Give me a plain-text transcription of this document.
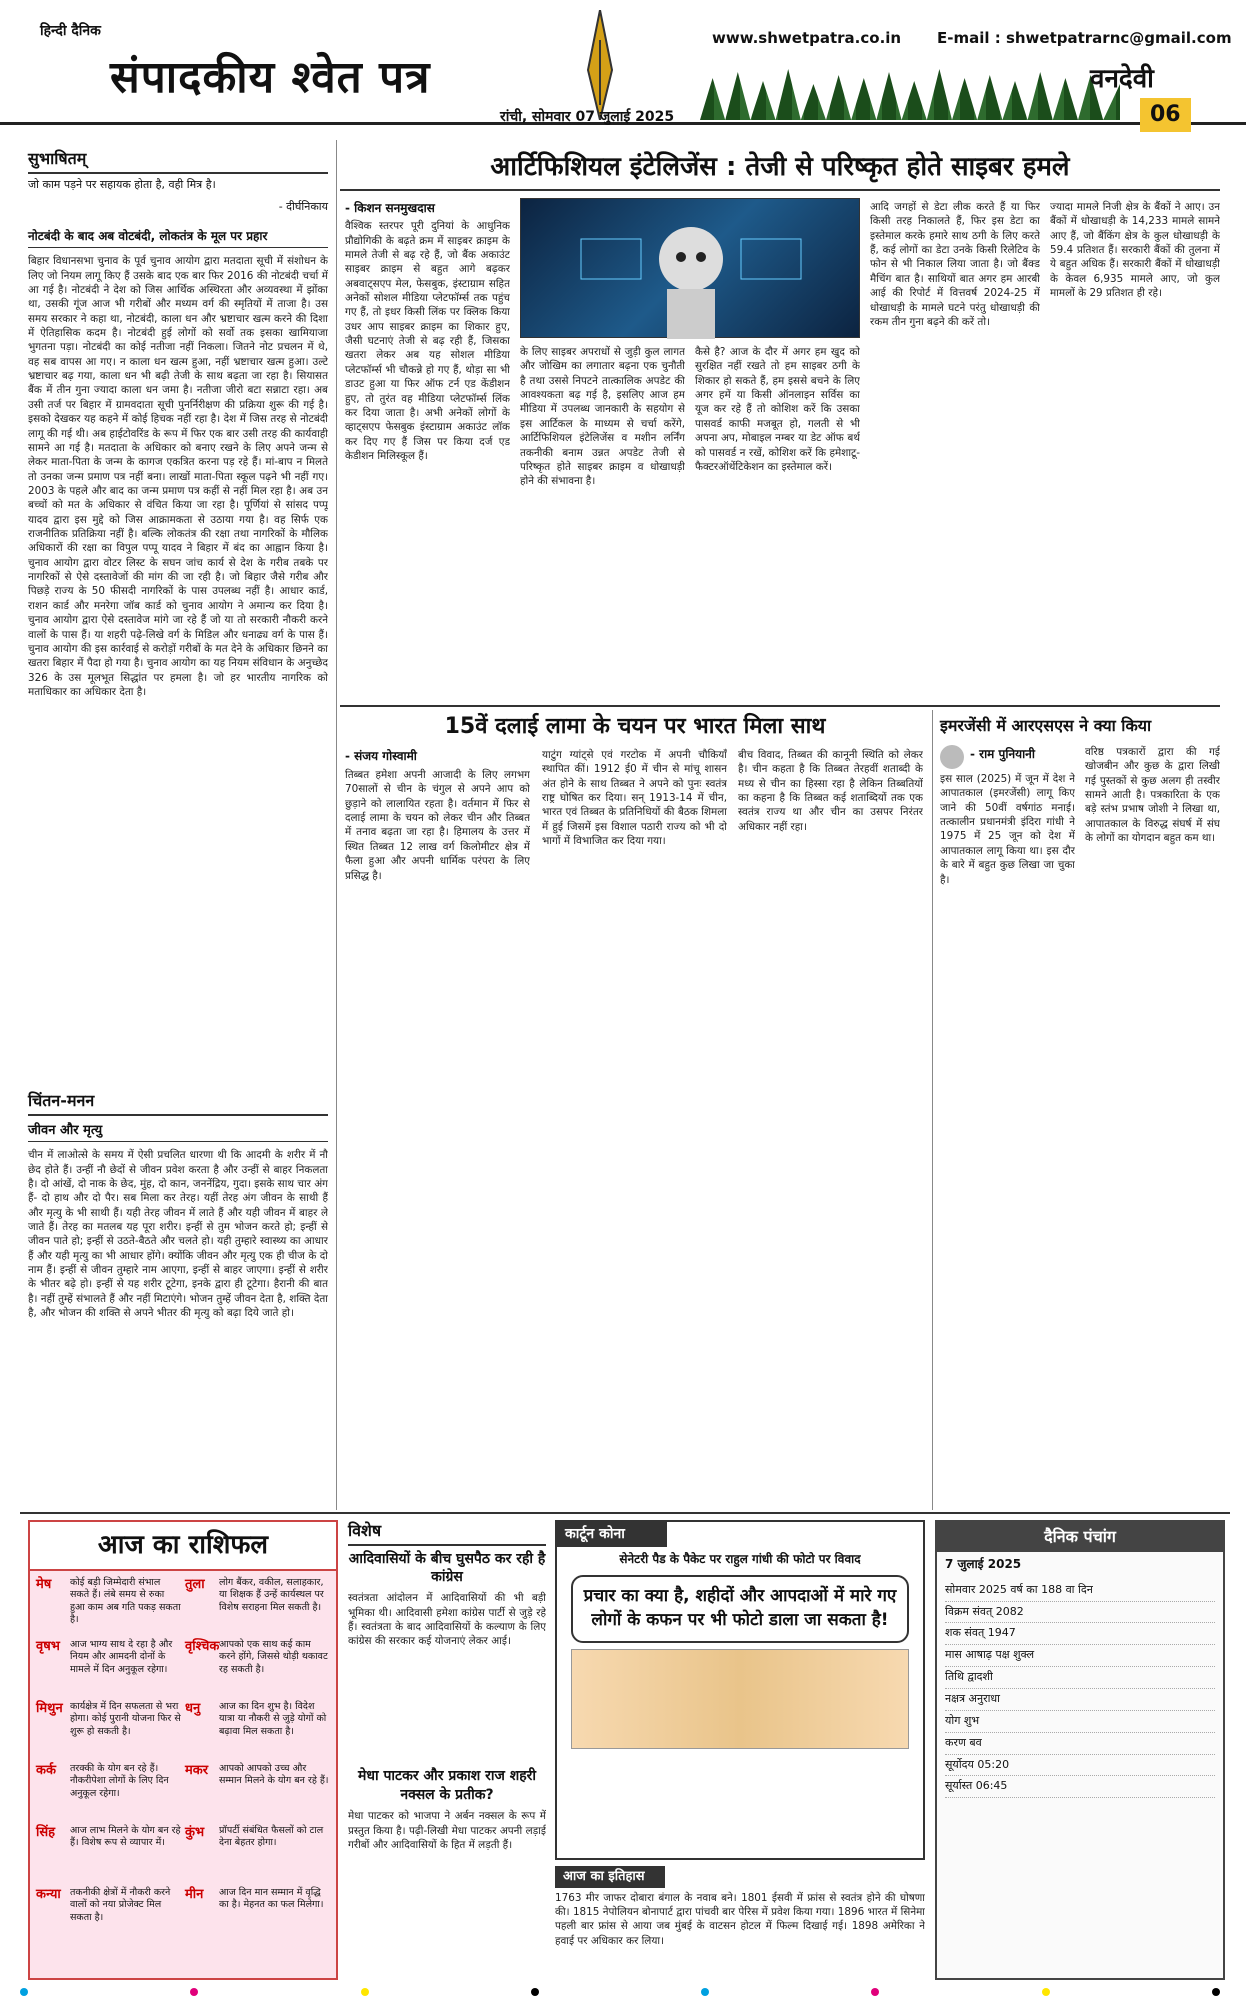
हिन्दी दैनिक
संपादकीय श्वेत पत्र
रांची, सोमवार 07 जुलाई 2025
www.shwetpatra.co.in E-mail : shwetpatrarnc@gmail.com
वनदेवी
06
सुभाषितम्
जो काम पड़ने पर सहायक होता है, वही मित्र है।
- दीर्घनिकाय
नोटबंदी के बाद अब वोटबंदी, लोकतंत्र के मूल पर प्रहार
बिहार विधानसभा चुनाव के पूर्व चुनाव आयोग द्वारा मतदाता सूची में संशोधन के लिए जो नियम लागू किए हैं उसके बाद एक बार फिर 2016 की नोटबंदी चर्चा में आ गई है। नोटबंदी ने देश को जिस आर्थिक अस्थिरता और अव्यवस्था में झोंका था, उसकी गूंज आज भी गरीबों और मध्यम वर्ग की स्मृतियों में ताजा है। उस समय सरकार ने कहा था, नोटबंदी, काला धन और भ्रष्टाचार खत्म करने की दिशा में ऐतिहासिक कदम है। नोटबंदी हुई लोगों को सर्वो तक इसका खामियाजा भुगतना पड़ा। नोटबंदी का कोई नतीजा नहीं निकला। जितने नोट प्रचलन में थे, वह सब वापस आ गए। न काला धन खत्म हुआ, नहीं भ्रष्टाचार खत्म हुआ। उल्टे भ्रष्टाचार बढ़ गया, काला धन भी बढ़ी तेजी के साथ बढ़ता जा रहा है। सियासत बैंक में तीन गुना ज्यादा काला धन जमा है। नतीजा जीरो बटा सन्नाटा रहा। अब उसी तर्ज पर बिहार में ग्रामवदाता सूची पुनर्निरीक्षण की प्रक्रिया शुरू की गई है। इसको देखकर यह कहने में कोई हिचक नहीं रहा है। देश में जिस तरह से नोटबंदी लागू की गई थी। अब हाईटोवरिंड के रूप में फिर एक बार उसी तरह की कार्यवाही सामने आ गई है। मतदाता के अधिकार को बनाए रखने के लिए अपने जन्म से लेकर माता-पिता के जन्म के कागज एकत्रित करना पड़ रहे हैं। मां-बाप न मिलते तो उनका जन्म प्रमाण पत्र नहीं बना। लाखों माता-पिता स्कूल पढ़ने भी नहीं गए। 2003 के पहले और बाद का जन्म प्रमाण पत्र कहीं से नहीं मिल रहा है। अब उन बच्चों को मत के अधिकार से वंचित किया जा रहा है। पूर्णियां से सांसद पप्पू यादव द्वारा इस मुद्दे को जिस आक्रामकता से उठाया गया है। वह सिर्फ एक राजनीतिक प्रतिक्रिया नहीं है। बल्कि लोकतंत्र की रक्षा तथा नागरिकों के मौलिक अधिकारों की रक्षा का विपुल पप्पू यादव ने बिहार में बंद का आह्वान किया है। चुनाव आयोग द्वारा वोटर लिस्ट के सघन जांच कार्य से देश के गरीब तबके पर नागरिकों से ऐसे दस्तावेजों की मांग की जा रही है। जो बिहार जैसे गरीब और पिछड़े राज्य के 50 फीसदी नागरिकों के पास उपलब्ध नहीं है। आधार कार्ड, राशन कार्ड और मनरेगा जॉब कार्ड को चुनाव आयोग ने अमान्य कर दिया है। चुनाव आयोग द्वारा ऐसे दस्तावेज मांगे जा रहे हैं जो या तो सरकारी नौकरी करने वालों के पास हैं। या शहरी पढ़े-लिखे वर्ग के मिडिल और धनाढ्य वर्ग के पास हैं। चुनाव आयोग की इस कार्रवाई से करोड़ों गरीबों के मत देने के अधिकार छिनने का खतरा बिहार में पैदा हो गया है। चुनाव आयोग का यह नियम संविधान के अनुच्छेद 326 के उस मूलभूत सिद्धांत पर हमला है। जो हर भारतीय नागरिक को मताधिकार का अधिकार देता है।
चिंतन-मनन
जीवन और मृत्यु
चीन में लाओत्से के समय में ऐसी प्रचलित धारणा थी कि आदमी के शरीर में नौ छेद होते हैं। उन्हीं नौ छेदों से जीवन प्रवेश करता है और उन्हीं से बाहर निकलता है। दो आंखें, दो नाक के छेद, मुंह, दो कान, जननेंद्रिय, गुदा। इसके साथ चार अंग हैं- दो हाथ और दो पैर। सब मिला कर तेरह। यहीं तेरह अंग जीवन के साथी हैं और मृत्यु के भी साथी हैं। यही तेरह जीवन में लाते हैं और यही जीवन में बाहर ले जाते हैं। तेरह का मतलब यह पूरा शरीर। इन्हीं से तुम भोजन करते हो; इन्हीं से जीवन पाते हो; इन्हीं से उठते-बैठते और चलते हो। यही तुम्हारे स्वास्थ्य का आधार हैं और यही मृत्यु का भी आधार होंगे। क्योंकि जीवन और मृत्यु एक ही चीज के दो नाम हैं। इन्हीं से जीवन तुम्हारे नाम आएगा, इन्हीं से बाहर जाएगा। इन्हीं से शरीर के भीतर बढ़े हो। इन्हीं से यह शरीर टूटेगा, इनके द्वारा ही टूटेगा। हैरानी की बात है। नहीं तुम्हें संभालते हैं और नहीं मिटाएंगे। भोजन तुम्हें जीवन देता है, शक्ति देता है, और भोजन की शक्ति से अपने भीतर की मृत्यु को बढ़ा दिये जाते हो।
आर्टिफिशियल इंटेलिजेंस : तेजी से परिष्कृत होते साइबर हमले
- किशन सनमुखदास
वैश्विक स्तरपर पूरी दुनियां के आधुनिक प्रौद्योगिकी के बढ़ते क्रम में साइबर क्राइम के मामले तेजी से बढ़ रहे हैं, जो बैंक अकाउंट साइबर क्राइम से बहुत आगे बढ़कर अबवाट्सएप मेल, फेसबुक, इंस्टाग्राम सहित अनेकों सोशल मीडिया प्लेटफॉर्म्स तक पहुंच गए हैं, तो इधर किसी लिंक पर क्लिक किया उधर आप साइबर क्राइम का शिकार हुए, जैसी घटनाएं तेजी से बढ़ रही हैं, जिसका खतरा लेकर अब यह सोशल मीडिया प्लेटफॉर्म्स भी चौकन्ने हो गए हैं, थोड़ा सा भी डाउट हुआ या फिर ऑफ टर्न एड केंडीशन हुए, तो तुरंत वह मीडिया प्लेटफॉर्म्स लिंक कर दिया जाता है। अभी अनेकों लोगों के व्हाट्सएप फेसबुक इंस्टाग्राम अकाउंट लॉक कर दिए गए हैं जिस पर किया दर्ज एड केडीशन मिलिस्कूल हैं।
के लिए साइबर अपराधों से जुड़ी कुल लागत और जोखिम का लगातार बढ़ना एक चुनौती है तथा उससे निपटने तात्कालिक अपडेट की आवश्यकता बढ़ गई है, इसलिए आज हम मीडिया में उपलब्ध जानकारी के सहयोग से इस आर्टिकल के माध्यम से चर्चा करेंगे, आर्टिफिशियल इंटेलिजेंस व मशीन लर्निंग तकनीकी बनाम उन्नत अपडेट तेजी से परिष्कृत होते साइबर क्राइम व धोखाधड़ी होने की संभावना है।
कैसे है? आज के दौर में अगर हम खुद को सुरक्षित नहीं रखते तो हम साइबर ठगी के शिकार हो सकते हैं, हम इससे बचने के लिए अगर हमें या किसी ऑनलाइन सर्विस का यूज कर रहे हैं तो कोशिश करें कि उसका पासवर्ड काफी मजबूत हो, गलती से भी अपना अप, मोबाइल नम्बर या डेट ऑफ बर्थ को पासवर्ड न रखें, कोशिश करें कि हमेशाटू-फैक्टरऑथेंटिकेशन का इस्तेमाल करें।
आदि जगहों से डेटा लीक करते हैं या फिर किसी तरह निकालते हैं, फिर इस डेटा का इस्तेमाल करके हमारे साथ ठगी के लिए करते हैं, कई लोगों का डेटा उनके किसी रिलेटिव के फोन से भी निकाल लिया जाता है। जो बैंक्ड मैचिंग बात है। साथियों बात अगर हम आरबी आई की रिपोर्ट में वित्तवर्ष 2024-25 में धोखाधड़ी के मामले घटने परंतु धोखाधड़ी की रकम तीन गुना बढ़ने की करें तो।
ज्यादा मामले निजी क्षेत्र के बैंकों ने आए। उन बैंकों में धोखाधड़ी के 14,233 मामले सामने आए हैं, जो बैंकिंग क्षेत्र के कुल धोखाधड़ी के 59.4 प्रतिशत हैं। सरकारी बैंकों की तुलना में ये बहुत अधिक हैं। सरकारी बैंकों में धोखाधड़ी के केवल 6,935 मामले आए, जो कुल मामलों के 29 प्रतिशत ही रहे।
15वें दलाई लामा के चयन पर भारत मिला साथ
- संजय गोस्वामी
तिब्बत हमेशा अपनी आजादी के लिए लगभग 70सालों से चीन के चंगुल से अपने आप को छुड़ाने को लालायित रहता है। वर्तमान में फिर से दलाई लामा के चयन को लेकर चीन और तिब्बत में तनाव बढ़ता जा रहा है। हिमालय के उत्तर में स्थित तिब्बत 12 लाख वर्ग किलोमीटर क्षेत्र में फैला हुआ और अपनी धार्मिक परंपरा के लिए प्रसिद्ध है।
याटुंग ग्यांट्से एवं गरटोक में अपनी चौकियाँ स्थापित कीं। 1912 ई0 में चीन से मांचू शासन अंत होने के साथ तिब्बत ने अपने को पुनः स्वतंत्र राष्ट्र घोषित कर दिया। सन् 1913-14 में चीन, भारत एवं तिब्बत के प्रतिनिधियों की बैठक शिमला में हुई जिसमें इस विशाल पठारी राज्य को भी दो भागों में विभाजित कर दिया गया।
बीच विवाद, तिब्बत की कानूनी स्थिति को लेकर है। चीन कहता है कि तिब्बत तेरहवीं शताब्दी के मध्य से चीन का हिस्सा रहा है लेकिन तिब्बतियों का कहना है कि तिब्बत कई शताब्दियों तक एक स्वतंत्र राज्य था और चीन का उसपर निरंतर अधिकार नहीं रहा।
इमरजेंसी में आरएसएस ने क्या किया
- राम पुनियानी
इस साल (2025) में जून में देश ने आपातकाल (इमरजेंसी) लागू किए जाने की 50वीं वर्षगांठ मनाई। तत्कालीन प्रधानमंत्री इंदिरा गांधी ने 1975 में 25 जून को देश में आपातकाल लागू किया था। इस दौर के बारे में बहुत कुछ लिखा जा चुका है।
वरिष्ठ पत्रकारों द्वारा की गई खोजबीन और कुछ के द्वारा लिखी गई पुस्तकों से कुछ अलग ही तस्वीर सामने आती है। पत्रकारिता के एक बड़े स्तंभ प्रभाष जोशी ने लिखा था, आपातकाल के विरुद्ध संघर्ष में संघ के लोगों का योगदान बहुत कम था।
आज का राशिफल
मेष	कोई बड़ी जिम्मेदारी संभाल सकते हैं। लंबे समय से रुका हुआ काम अब गति पकड़ सकता है।
तुला	लोग बैंकर, वकील, सलाहकार, या शिक्षक हैं उन्हें कार्यस्थल पर विशेष सराहना मिल सकती है।
वृषभ	आज भाग्य साथ दे रहा है और नियम और आमदनी दोनों के मामले में दिन अनुकूल रहेगा।
वृश्चिक आपको एक साथ कई काम करने होंगे, जिससे थोड़ी थकावट रह सकती है।
मिथुन कार्यक्षेत्र में दिन सफलता से भरा होगा। कोई पुरानी योजना फिर से शुरू हो सकती है।
धनु	आज का दिन शुभ है। विदेश यात्रा या नौकरी से जुड़े योगों को बढ़ावा मिल सकता है।
कर्क	तरक्की के योग बन रहे हैं। नौकरीपेशा लोगों के लिए दिन अनुकूल रहेगा।
मकर	आपको आपको उच्च और सम्मान मिलने के योग बन रहे हैं।
सिंह	आज लाभ मिलने के योग बन रहे हैं। विशेष रूप से व्यापार में।
कुंभ	प्रॉपर्टी संबंधित फैसलों को टाल देना बेहतर होगा।
कन्या तकनीकी क्षेत्रों में नौकरी करने वालों को नया प्रोजेक्ट मिल सकता है।
मीन	आज दिन मान सम्मान में वृद्धि का है। मेहनत का फल मिलेगा।
विशेष
आदिवासियों के बीच घुसपैठ कर रही है कांग्रेस
स्वतंत्रता आंदोलन में आदिवासियों की भी बड़ी भूमिका थी। आदिवासी हमेशा कांग्रेस पार्टी से जुड़े रहे हैं। स्वतंत्रता के बाद आदिवासियों के कल्याण के लिए कांग्रेस की सरकार कई योजनाएं लेकर आई।
मेधा पाटकर और प्रकाश राज शहरी नक्सल के प्रतीक?
मेधा पाटकर को भाजपा ने अर्बन नक्सल के रूप में प्रस्तुत किया है। पढ़ी-लिखी मेधा पाटकर अपनी लड़ाई गरीबों और आदिवासियों के हित में लड़ती हैं।
कार्टून कोना
सेनेटरी पैड के पैकेट पर राहुल गांधी की फोटो पर विवाद
प्रचार का क्या है, शहीदों और आपदाओं में मारे गए लोगों के कफन पर भी फोटो डाला जा सकता है!
आज का इतिहास
1763 मीर जाफर दोबारा बंगाल के नवाब बने। 1801 ईसवी में फ्रांस से स्वतंत्र होने की घोषणा की। 1815 नेपोलियन बोनापार्ट द्वारा पांचवी बार पेरिस में प्रवेश किया गया। 1896 भारत में सिनेमा पहली बार फ्रांस से आया जब मुंबई के वाटसन होटल में फिल्म दिखाई गई। 1898 अमेरिका ने हवाई पर अधिकार कर लिया।
दैनिक पंचांग
7 जुलाई 2025
सोमवार 2025 वर्ष का 188 वा दिन
विक्रम संवत् 2082
शक संवत् 1947
मास आषाढ़ पक्ष शुक्ल
तिथि द्वादशी
नक्षत्र अनुराधा
योग शुभ
करण बव
सूर्योदय 05:20
सूर्यास्त 06:45
